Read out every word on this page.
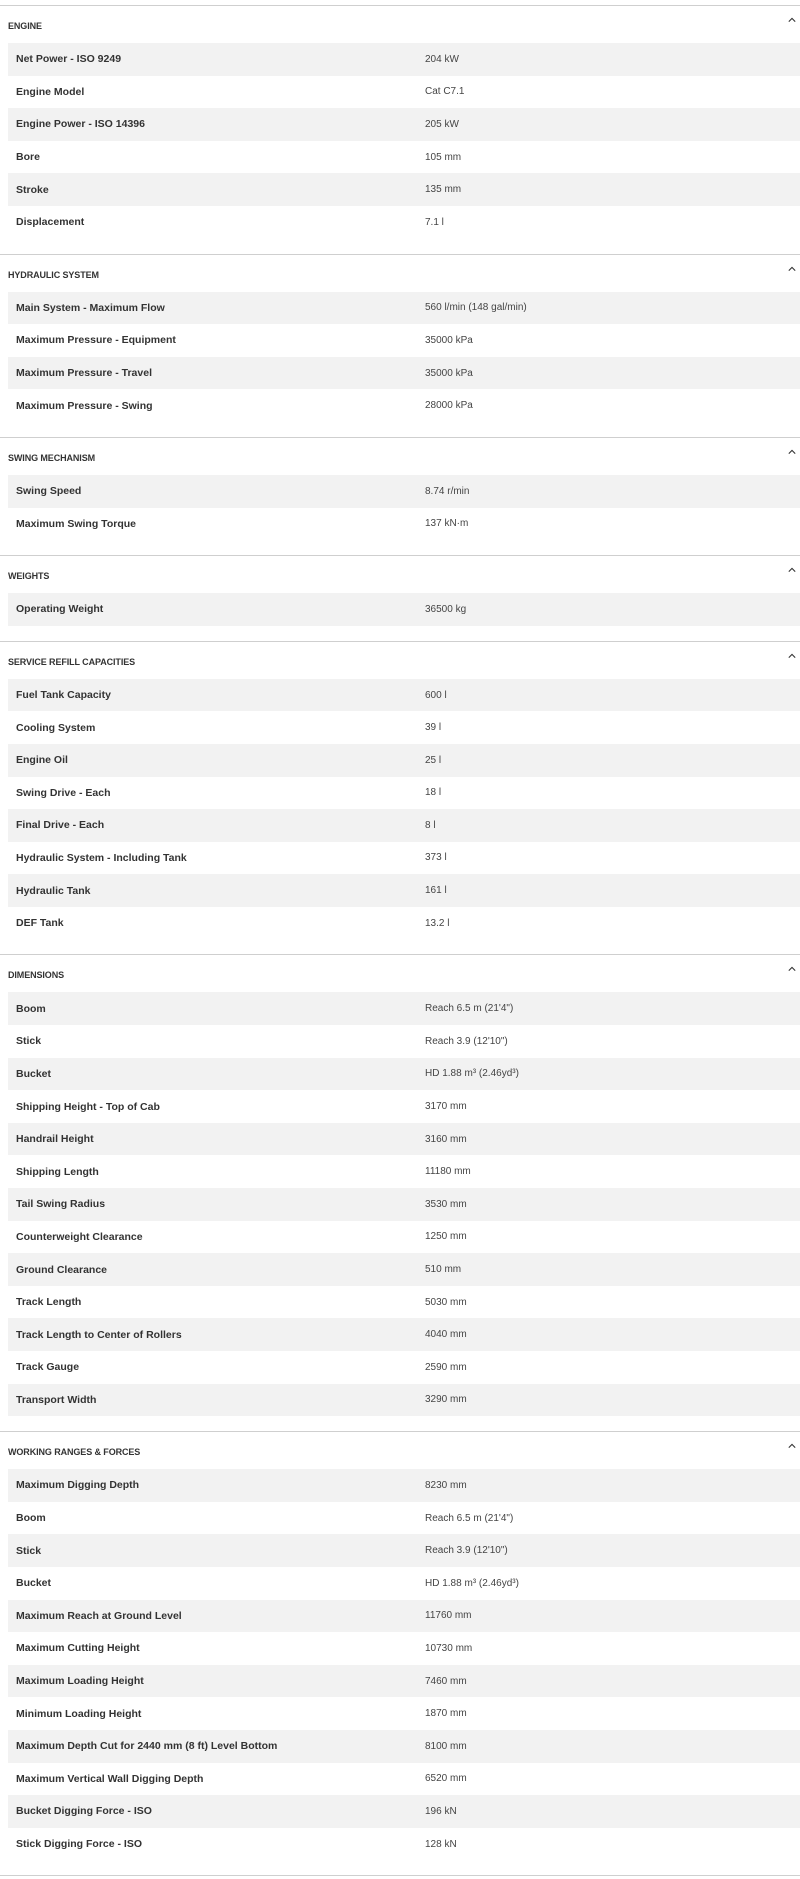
ENGINE
Net Power - ISO 9249	204 kW
Engine Model	Cat C7.1
Engine Power - ISO 14396	205 kW
Bore	105 mm
Stroke	135 mm
Displacement	7.1 l
HYDRAULIC SYSTEM
Main System - Maximum Flow	560 l/min (148 gal/min)
Maximum Pressure - Equipment	35000 kPa
Maximum Pressure - Travel	35000 kPa
Maximum Pressure - Swing	28000 kPa
SWING MECHANISM
Swing Speed	8.74 r/min
Maximum Swing Torque	137 kN·m
WEIGHTS
Operating Weight	36500 kg
SERVICE REFILL CAPACITIES
Fuel Tank Capacity	600 l
Cooling System	39 l
Engine Oil	25 l
Swing Drive - Each	18 l
Final Drive - Each	8 l
Hydraulic System - Including Tank	373 l
Hydraulic Tank	161 l
DEF Tank	13.2 l
DIMENSIONS
Boom	Reach 6.5 m (21'4")
Stick	Reach 3.9 (12'10")
Bucket	HD 1.88 m³ (2.46yd³)
Shipping Height - Top of Cab	3170 mm
Handrail Height	3160 mm
Shipping Length	11180 mm
Tail Swing Radius	3530 mm
Counterweight Clearance	1250 mm
Ground Clearance	510 mm
Track Length	5030 mm
Track Length to Center of Rollers	4040 mm
Track Gauge	2590 mm
Transport Width	3290 mm
WORKING RANGES & FORCES
Maximum Digging Depth	8230 mm
Boom	Reach 6.5 m (21'4")
Stick	Reach 3.9 (12'10")
Bucket	HD 1.88 m³ (2.46yd³)
Maximum Reach at Ground Level	11760 mm
Maximum Cutting Height	10730 mm
Maximum Loading Height	7460 mm
Minimum Loading Height	1870 mm
Maximum Depth Cut for 2440 mm (8 ft) Level Bottom	8100 mm
Maximum Vertical Wall Digging Depth	6520 mm
Bucket Digging Force - ISO	196 kN
Stick Digging Force - ISO	128 kN
